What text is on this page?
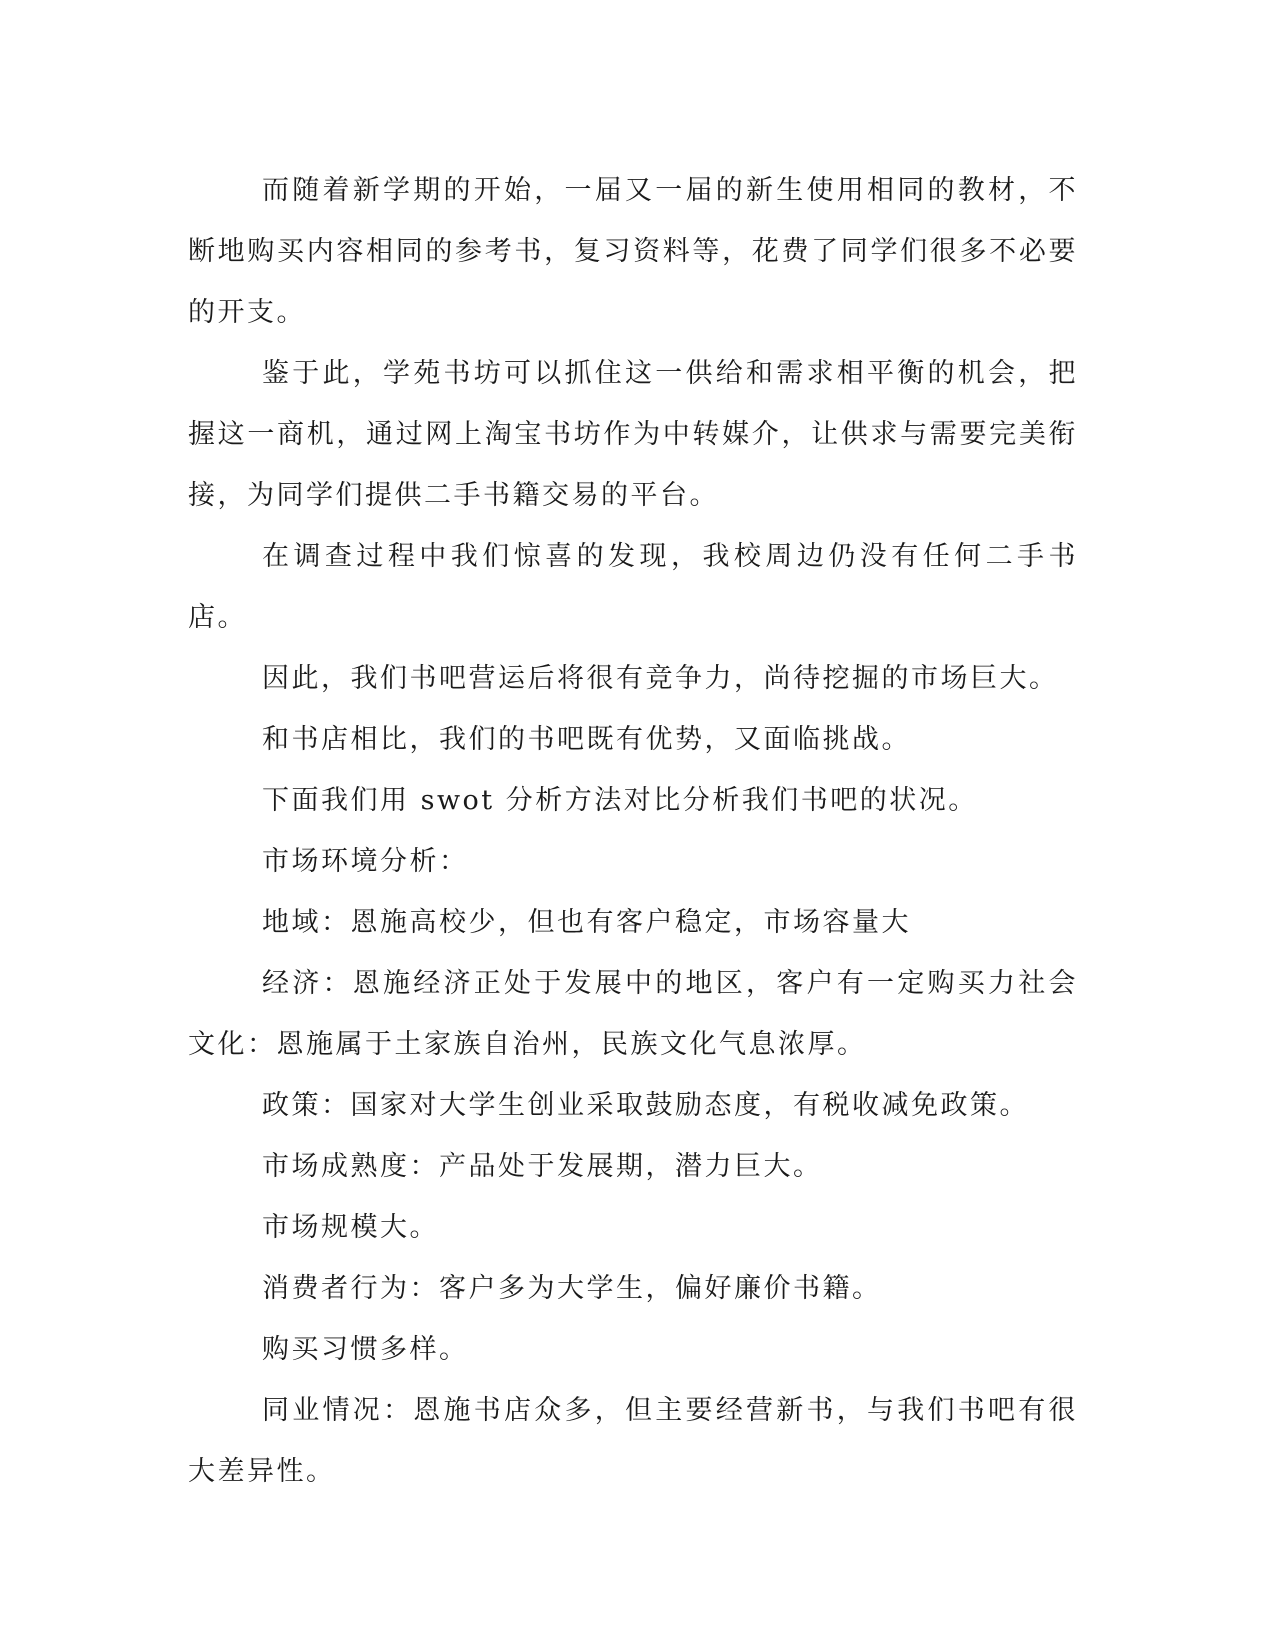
而随着新学期的开始，一届又一届的新生使用相同的教材，不断地购买内容相同的参考书，复习资料等，花费了同学们很多不必要的开支。

鉴于此，学苑书坊可以抓住这一供给和需求相平衡的机会，把握这一商机，通过网上淘宝书坊作为中转媒介，让供求与需要完美衔接，为同学们提供二手书籍交易的平台。

在调查过程中我们惊喜的发现，我校周边仍没有任何二手书店。

因此，我们书吧营运后将很有竞争力，尚待挖掘的市场巨大。

和书店相比，我们的书吧既有优势，又面临挑战。

下面我们用 swot 分析方法对比分析我们书吧的状况。

市场环境分析：

地域：恩施高校少，但也有客户稳定，市场容量大

经济：恩施经济正处于发展中的地区，客户有一定购买力社会文化：恩施属于土家族自治州，民族文化气息浓厚。

政策：国家对大学生创业采取鼓励态度，有税收减免政策。

市场成熟度：产品处于发展期，潜力巨大。

市场规模大。

消费者行为：客户多为大学生，偏好廉价书籍。

购买习惯多样。

同业情况：恩施书店众多，但主要经营新书，与我们书吧有很大差异性。
